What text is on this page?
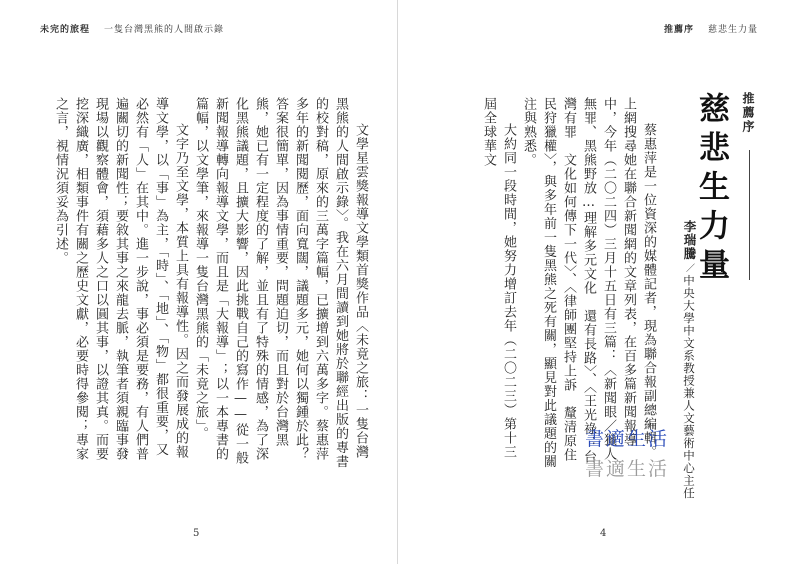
未完的旅程 一隻台灣黑熊的人間啟示錄

文學星雲獎報導文學類首獎作品〈未竟之旅：一隻台灣黑熊的人間啟示錄〉。我在六月間讀到她將於聯經出版的專書的校對稿，原來的三萬字篇幅，已擴增到六萬多字。蔡惠萍多年的新聞閱歷，面向寬闊，議題多元，她何以獨鍾於此？答案很簡單，因為事情重要，問題迫切，而且對於台灣黑熊，她已有一定程度的了解，並且有了特殊的情感，為了深化黑熊議題，且擴大影響，因此挑戰自己的寫作——從一般新聞報導轉向報導文學，而且是「大報導」；以一本專書的篇幅，以文學筆，來報導一隻台灣黑熊的「未竟之旅」。

文字乃至文學，本質上具有報導性。因之而發展成的報導文學，以「事」為主，「時」、「地」、「物」都很重要，又必然有「人」在其中。進一步說，事必須是要務，有人們普遍關切的新聞性；要敘其事之來龍去脈，執筆者須親臨事發現場以觀察體會，須藉多人之口以圓其事，以證其真。而要挖深織廣，相類事件有關之歷史文獻，必要時得參閱；專家之言，視情況須妥為引述。

5
推薦序 慈悲生力量
推薦序
慈悲生力量
李瑞騰／中央大學中文系教授兼人文藝術中心主任

蔡惠萍是一位資深的媒體記者，現為聯合報副總編輯。上網搜尋她在聯合新聞網的文章列表，在百多篇新聞報導中，今年（二〇二四）三月十五日有三篇：〈新聞眼／獵人無罪、黑熊野放…理解多元文化　還有長路〉、〈王光祿：台灣有罪　文化如何傳下一代〉、〈律師團堅持上訴　釐清原住民狩獵權〉，與多年前一隻黑熊之死有關，顯見對此議題的關注與熟悉。

大約同一段時間，她努力增訂去年（二〇二三）第十三屆全球華文

書適生活
書適生活
4
